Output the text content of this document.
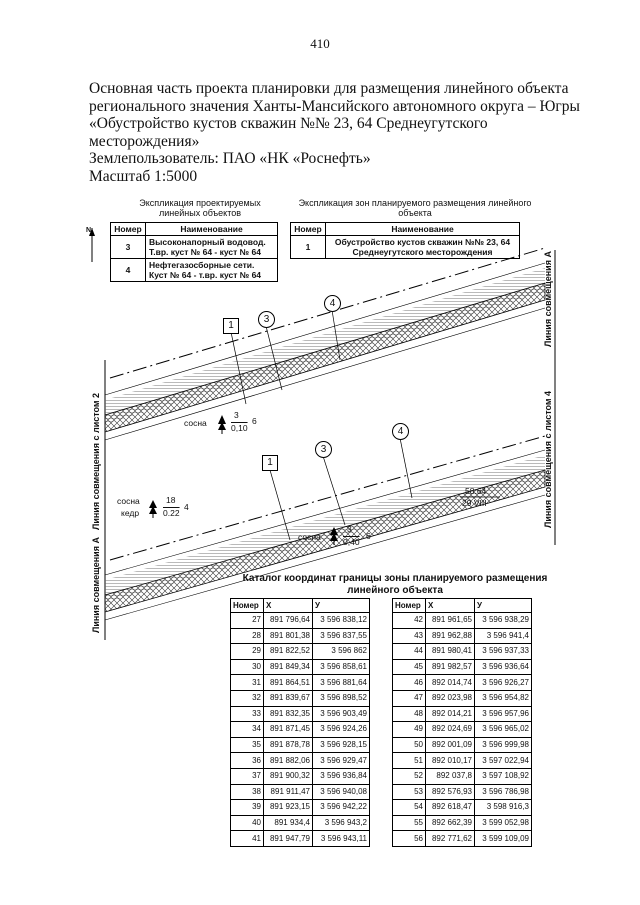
410
Основная часть проекта планировки для размещения линейного объекта
регионального значения Ханты-Мансийского автономного округа – Югры
«Обустройство кустов скважин №№ 23, 64 Среднеугутского
месторождения»
Землепользователь: ПАО «НК «Роснефть»
Масштаб 1:5000
Экспликация проектируемых линейных объектов
Номер	Наименование
3	Высоконапорный водовод. Т.вр. куст № 64 - куст № 64
4	Нефтегазосборные сети. Куст № 64 - т.вр. куст № 64
Экспликация зон планируемого размещения линейного объекта
Номер	Наименование
1	Обустройство кустов скважин №№ 23, 64 Среднеугутского месторождения
1
3
4
1
3
4
сосна
3
0,10
6
сосна
кедр
18
0.22
4
сосна
3
0,40
6
58.64
29 VIII
N
Линия совмещения А
Линия совмещения с листом 2	Линия совмещения с листом 4
Линия совмещения А	Каталог координат границы зоны планируемого размещения линейного объекта
Номер	X	У
27	891 796,64	3 596 838,12
28	891 801,38	3 596 837,55
29	891 822,52	3 596 862
30	891 849,34	3 596 858,61
31	891 864,51	3 596 881,64
32	891 839,67	3 596 898,52
33	891 832,35	3 596 903,49
34	891 871,45	3 596 924,26
35	891 878,78	3 596 928,15
36	891 882,06	3 596 929,47
37	891 900,32	3 596 936,84
38	891 911,47	3 596 940,08
39	891 923,15	3 596 942,22
40	891 934,4	3 596 943,2
41	891 947,79	3 596 943,11
Номер	X	У
42	891 961,65	3 596 938,29
43	891 962,88	3 596 941,4
44	891 980,41	3 596 937,33
45	891 982,57	3 596 936,64
46	892 014,74	3 596 926,27
47	892 023,98	3 596 954,82
48	892 014,21	3 596 957,96
49	892 024,69	3 596 965,02
50	892 001,09	3 596 999,98
51	892 010,17	3 597 022,94
52	892 037,8	3 597 108,92
53	892 576,93	3 596 786,98
54	892 618,47	3 598 916,3
55	892 662,39	3 599 052,98
56	892 771,62	3 599 109,09
